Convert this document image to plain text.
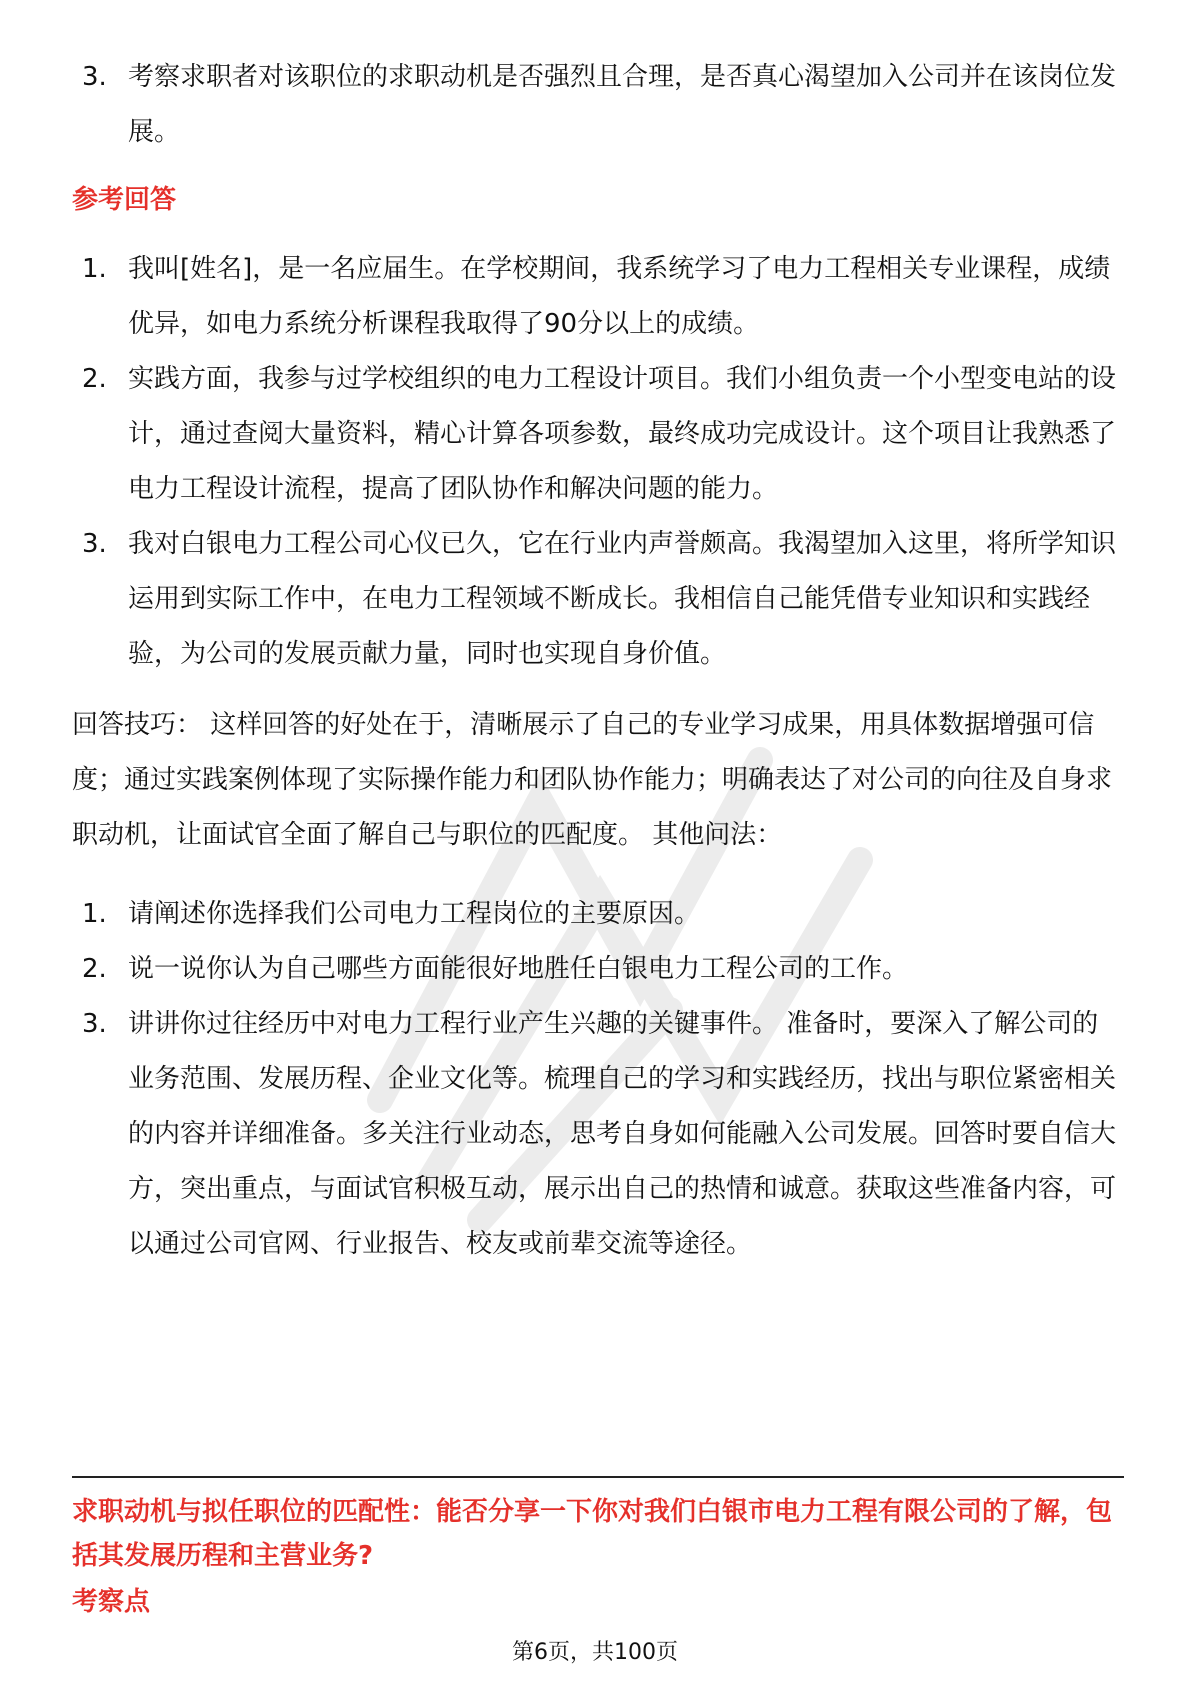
3. 考察求职者对该职位的求职动机是否强烈且合理，是否真心渴望加入公司并在该岗位发展。
参考回答
1. 我叫[姓名]，是一名应届生。在学校期间，我系统学习了电力工程相关专业课程，成绩优异，如电力系统分析课程我取得了90分以上的成绩。
2. 实践方面，我参与过学校组织的电力工程设计项目。我们小组负责一个小型变电站的设计，通过查阅大量资料，精心计算各项参数，最终成功完成设计。这个项目让我熟悉了电力工程设计流程，提高了团队协作和解决问题的能力。
3. 我对白银电力工程公司心仪已久，它在行业内声誉颇高。我渴望加入这里，将所学知识运用到实际工作中，在电力工程领域不断成长。我相信自己能凭借专业知识和实践经验，为公司的发展贡献力量，同时也实现自身价值。
回答技巧： 这样回答的好处在于，清晰展示了自己的专业学习成果，用具体数据增强可信度；通过实践案例体现了实际操作能力和团队协作能力；明确表达了对公司的向往及自身求职动机，让面试官全面了解自己与职位的匹配度。 其他问法：
1. 请阐述你选择我们公司电力工程岗位的主要原因。
2. 说一说你认为自己哪些方面能很好地胜任白银电力工程公司的工作。
3. 讲讲你过往经历中对电力工程行业产生兴趣的关键事件。 准备时，要深入了解公司的业务范围、发展历程、企业文化等。梳理自己的学习和实践经历，找出与职位紧密相关的内容并详细准备。多关注行业动态，思考自身如何能融入公司发展。回答时要自信大方，突出重点，与面试官积极互动，展示出自己的热情和诚意。获取这些准备内容，可以通过公司官网、行业报告、校友或前辈交流等途径。
求职动机与拟任职位的匹配性：能否分享一下你对我们白银市电力工程有限公司的了解，包括其发展历程和主营业务?
考察点
第6页，共100页
